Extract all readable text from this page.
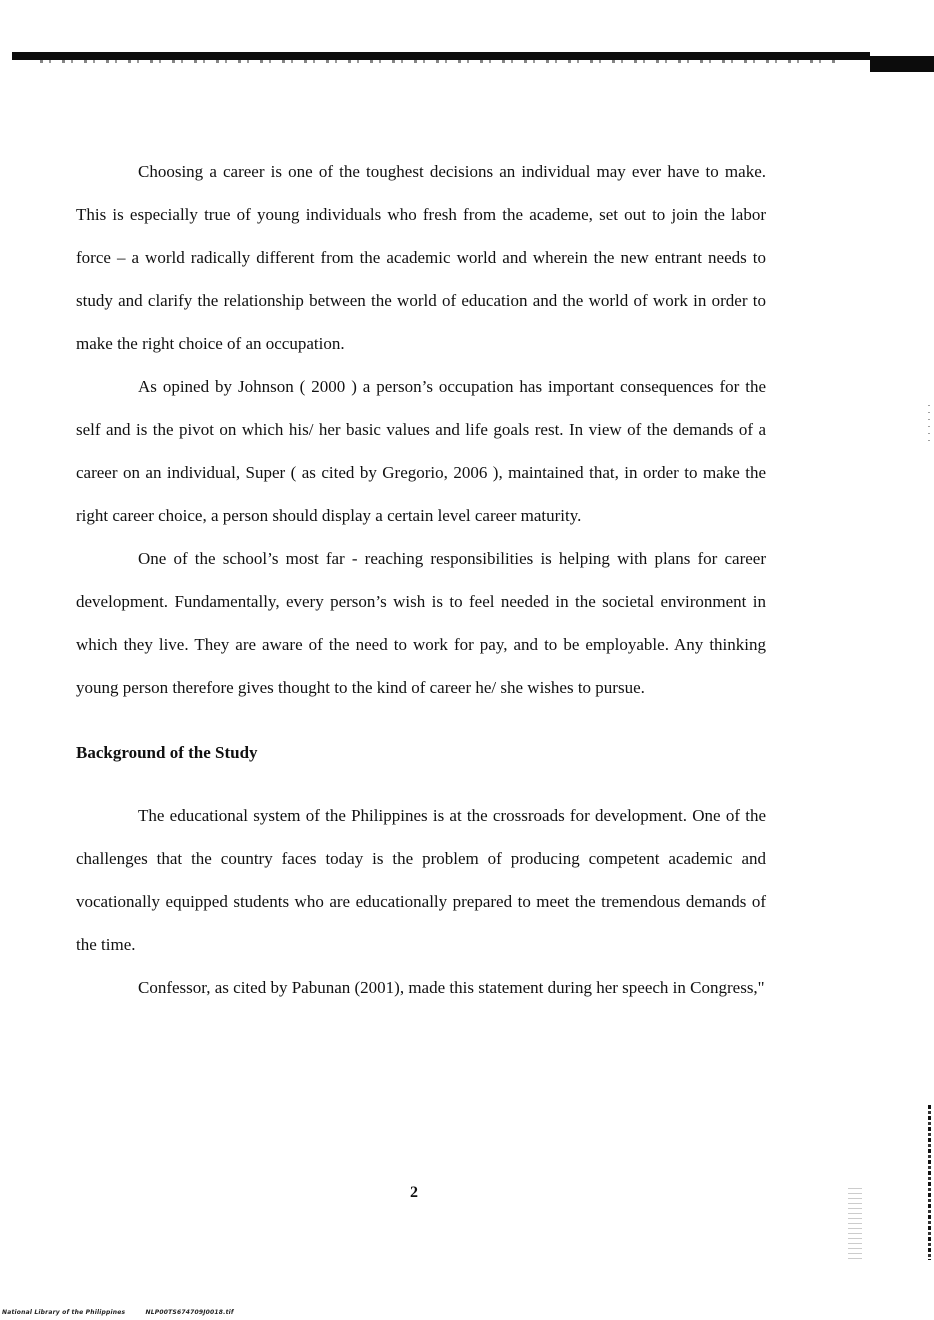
Choosing a career is one of the toughest decisions an individual may ever have to make. This is especially true of young individuals who fresh from the academe, set out to join the labor force – a world radically different from the academic world and wherein the new entrant needs to study and clarify the relationship between the world of education and the world of work in order to make the right choice of an occupation.

As opined by Johnson ( 2000 ) a person’s occupation has important consequences for the self and is the pivot on which his/ her basic values and life goals rest. In view of the demands of a career on an individual, Super ( as cited by Gregorio, 2006 ), maintained that, in order to make the right career choice, a person should display a certain level career maturity.

One of the school’s most far - reaching responsibilities is helping with plans for career development. Fundamentally, every person’s wish is to feel needed in the societal environment in which they live. They are aware of the need to work for pay, and to be employable. Any thinking young person therefore gives thought to the kind of career he/ she wishes to pursue.

Background of the Study

The educational system of the Philippines is at the crossroads for development. One of the challenges that the country faces today is the problem of producing competent academic and vocationally equipped students who are educationally prepared to meet the tremendous demands of the time.

Confessor, as cited by Pabunan (2001), made this statement during her speech in Congress,"

2
National Library of the Philippines	NLP00TS674709J0018.tif
